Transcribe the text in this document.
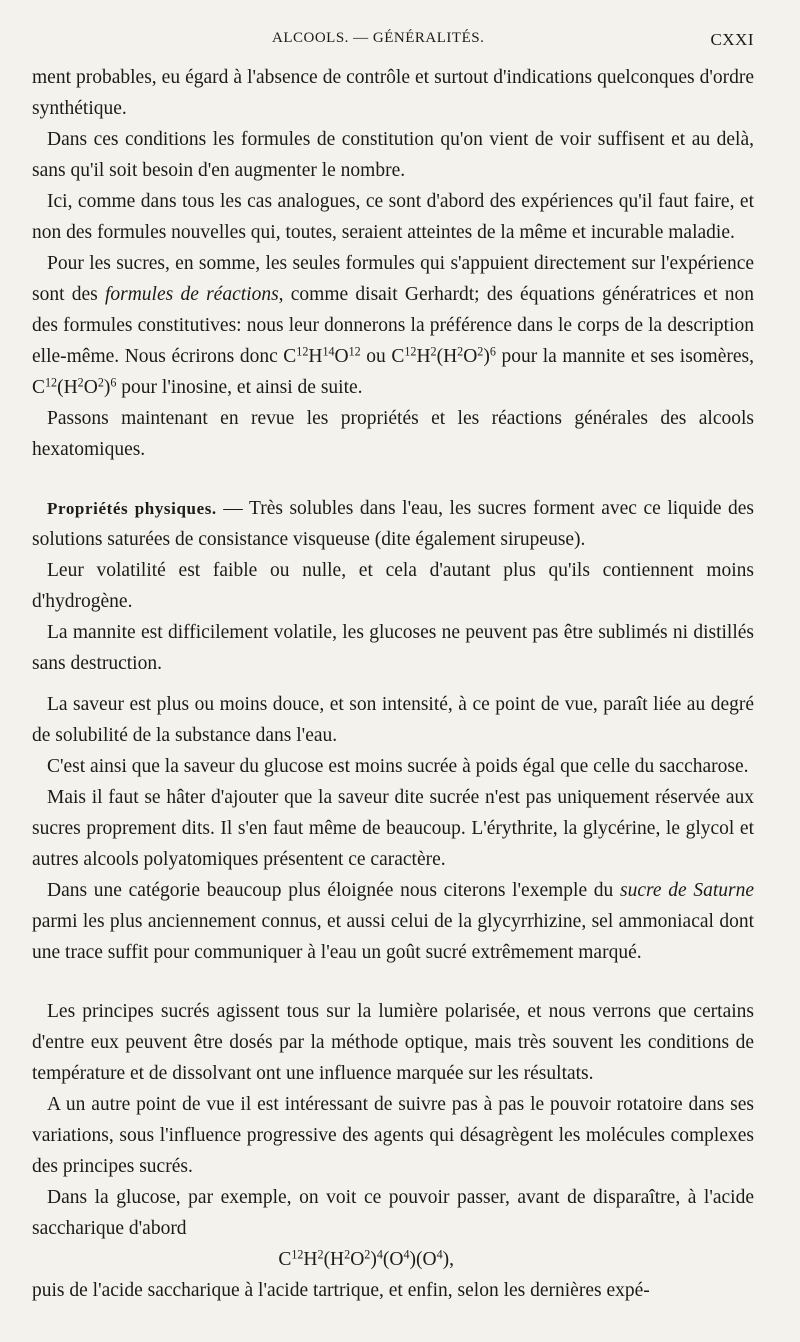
ALCOOLS. — GÉNÉRALITÉS.	CXXI

ment probables, eu égard à l'absence de contrôle et surtout d'indications quelconques d'ordre synthétique.

Dans ces conditions les formules de constitution qu'on vient de voir suffisent et au delà, sans qu'il soit besoin d'en augmenter le nombre.

Ici, comme dans tous les cas analogues, ce sont d'abord des expériences qu'il faut faire, et non des formules nouvelles qui, toutes, seraient atteintes de la même et incurable maladie.

Pour les sucres, en somme, les seules formules qui s'appuient directement sur l'expérience sont des formules de réactions, comme disait Gerhardt; des équations génératrices et non des formules constitutives: nous leur donnerons la préférence dans le corps de la description elle-même. Nous écrirons donc $C^{12}H^{14}O^{12}$ ou $C^{12}H^2(H^2O^2)^6$ pour la mannite et ses isomères, $C^{12}(H^2O^2)^6$ pour l'inosine, et ainsi de suite.

Passons maintenant en revue les propriétés et les réactions générales des alcools hexatomiques.

Propriétés physiques. — Très solubles dans l'eau, les sucres forment avec ce liquide des solutions saturées de consistance visqueuse (dite également sirupeuse).

Leur volatilité est faible ou nulle, et cela d'autant plus qu'ils contiennent moins d'hydrogène.

La mannite est difficilement volatile, les glucoses ne peuvent pas être sublimés ni distillés sans destruction.

La saveur est plus ou moins douce, et son intensité, à ce point de vue, paraît liée au degré de solubilité de la substance dans l'eau.

C'est ainsi que la saveur du glucose est moins sucrée à poids égal que celle du saccharose.

Mais il faut se hâter d'ajouter que la saveur dite sucrée n'est pas uniquement réservée aux sucres proprement dits. Il s'en faut même de beaucoup. L'érythrite, la glycérine, le glycol et autres alcools polyatomiques présentent ce caractère.

Dans une catégorie beaucoup plus éloignée nous citerons l'exemple du sucre de Saturne parmi les plus anciennement connus, et aussi celui de la glycyrrhizine, sel ammoniacal dont une trace suffit pour communiquer à l'eau un goût sucré extrêmement marqué.

Les principes sucrés agissent tous sur la lumière polarisée, et nous verrons que certains d'entre eux peuvent être dosés par la méthode optique, mais très souvent les conditions de température et de dissolvant ont une influence marquée sur les résultats.

A un autre point de vue il est intéressant de suivre pas à pas le pouvoir rotatoire dans ses variations, sous l'influence progressive des agents qui désagrègent les molécules complexes des principes sucrés.

Dans la glucose, par exemple, on voit ce pouvoir passer, avant de disparaître, à l'acide saccharique d'abord

$C^{12}H^2(H^2O^2)^4(O^4)(O^4)$,

puis de l'acide saccharique à l'acide tartrique, et enfin, selon les dernières expé-
